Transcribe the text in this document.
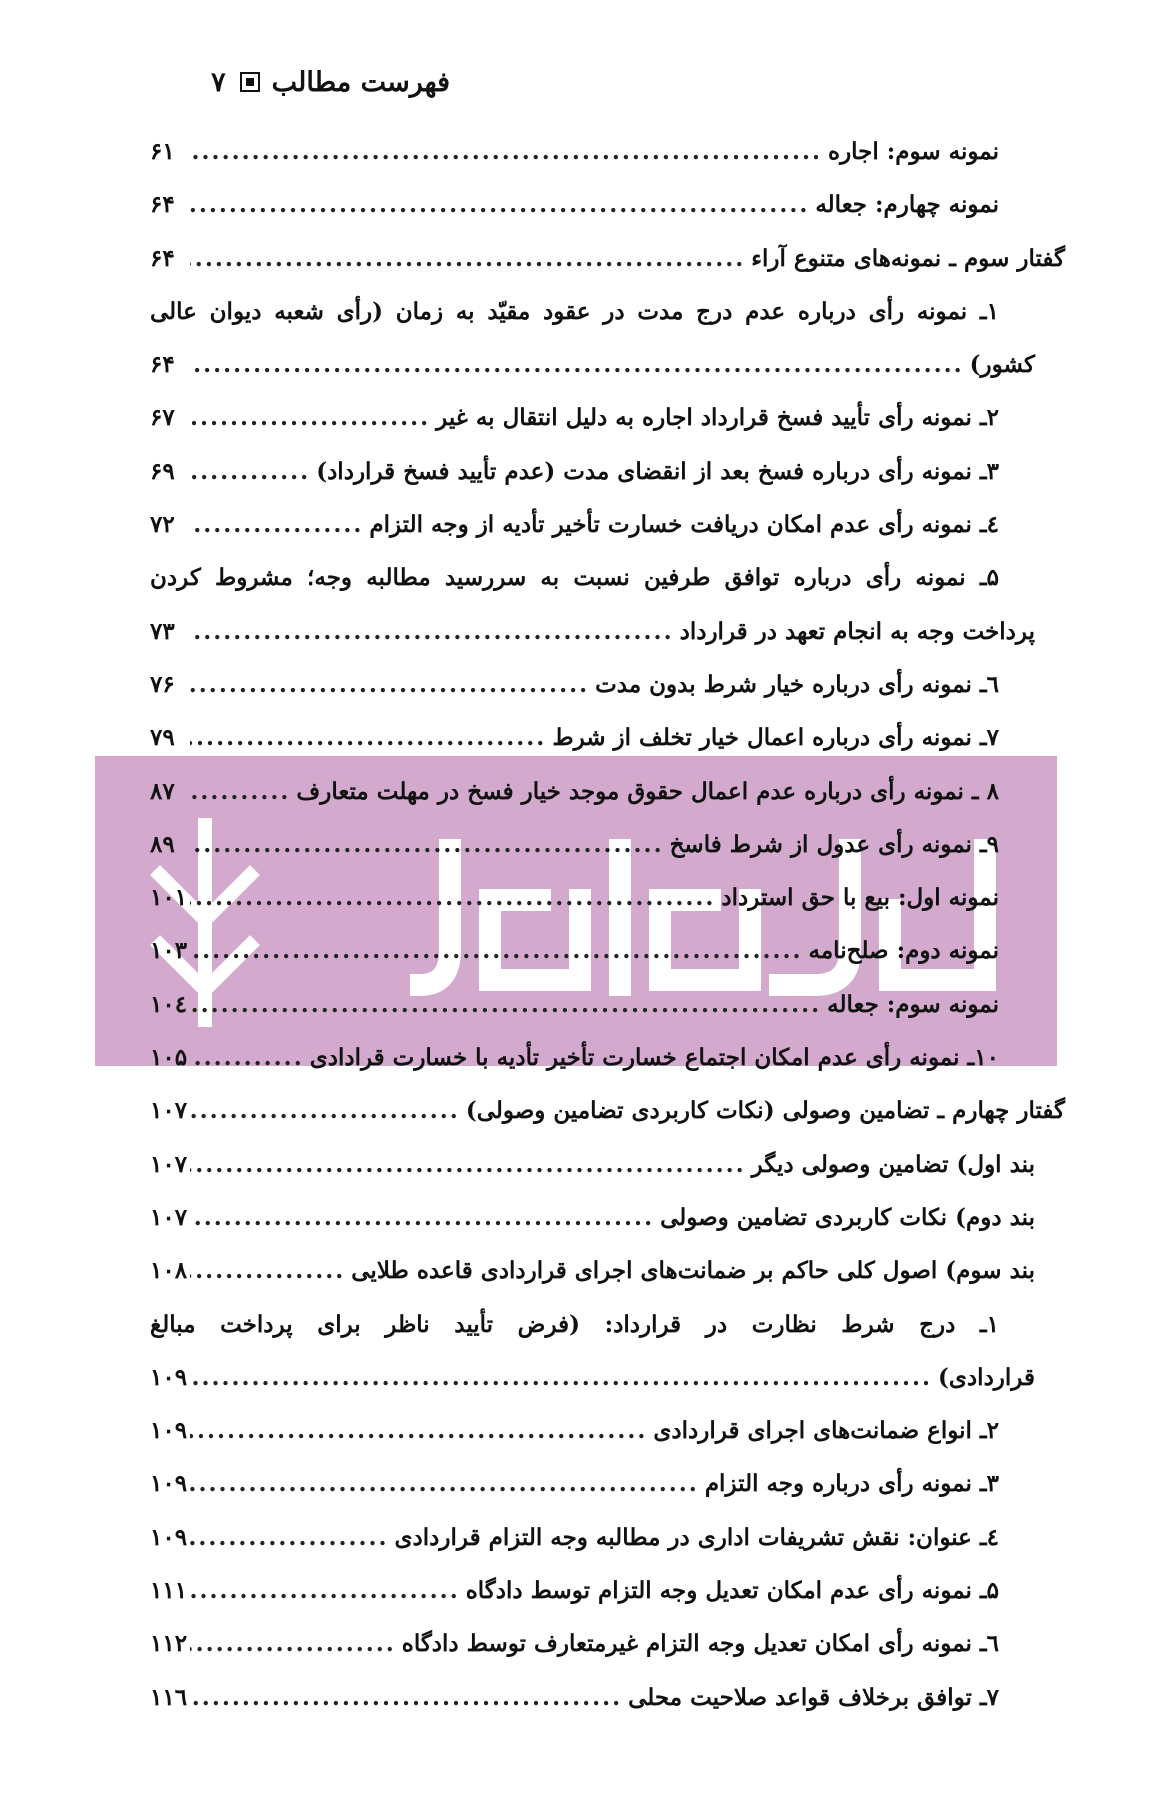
فهرست مطالب
۷
نمونه سوم: اجاره
۶۱
.....
نمونه چهارم: جعاله
۶۴
.....
گفتار سوم ـ نمونه‌های متنوع آراء
۶۴
.....
۱ـ نمونه رأی درباره عدم درج مدت در عقود مقیّد به زمان (رأی شعبه دیوان عالی
کشور)
۶۴
.....
۲ـ نمونه رأی تأیید فسخ قرارداد اجاره به دلیل انتقال به غیر
۶۷
.....
۳ـ نمونه رأی درباره فسخ بعد از انقضای مدت (عدم تأیید فسخ قرارداد)
۶۹
.....
٤ـ نمونه رأی عدم امکان دریافت خسارت تأخیر تأدیه از وجه التزام
۷۲
.....
۵ـ نمونه رأی درباره توافق طرفین نسبت به سررسید مطالبه وجه؛ مشروط کردن
پرداخت وجه به انجام تعهد در قرارداد
۷۳
.....
٦ـ نمونه رأی درباره خیار شرط بدون مدت
۷۶
.....
۷ـ نمونه رأی درباره اعمال خیار تخلف از شرط
۷۹
.....
۸ ـ نمونه رأی درباره عدم اعمال حقوق موجد خیار فسخ در مهلت متعارف
۸۷
.....
۹ـ نمونه رأی عدول از شرط فاسخ
۸۹
.....
نمونه اول: بیع با حق استرداد
۱۰۱
.....
نمونه دوم: صلح‌نامه
۱۰۳
.....
نمونه سوم: جعاله
۱۰٤
.....
۱۰ـ نمونه رأی عدم امکان اجتماع خسارت تأخیر تأدیه با خسارت قرادادی
۱۰۵
.....
گفتار چهارم ـ تضامین وصولی (نکات کاربردی تضامین وصولی)
۱۰۷
.....
بند اول) تضامین وصولی دیگر
۱۰۷
.....
بند دوم) نکات کاربردی تضامین وصولی
۱۰۷
.....
بند سوم) اصول کلی حاکم بر ضمانت‌های اجرای قراردادی قاعده طلایی
۱۰۸
.....
۱ـ درج شرط نظارت در قرارداد: (فرض تأیید ناظر برای پرداخت مبالغ
قراردادی)
۱۰۹
.....
۲ـ انواع ضمانت‌های اجرای قراردادی
۱۰۹
.....
۳ـ نمونه رأی درباره وجه التزام
۱۰۹
.....
٤ـ عنوان: نقش تشریفات اداری در مطالبه وجه التزام قراردادی
۱۰۹
.....
۵ـ نمونه رأی عدم امکان تعدیل وجه التزام توسط دادگاه
۱۱۱
.....
٦ـ نمونه رأی امکان تعدیل وجه التزام غیرمتعارف توسط دادگاه
۱۱۲
.....
۷ـ توافق برخلاف قواعد صلاحیت محلی
۱۱٦
.....
